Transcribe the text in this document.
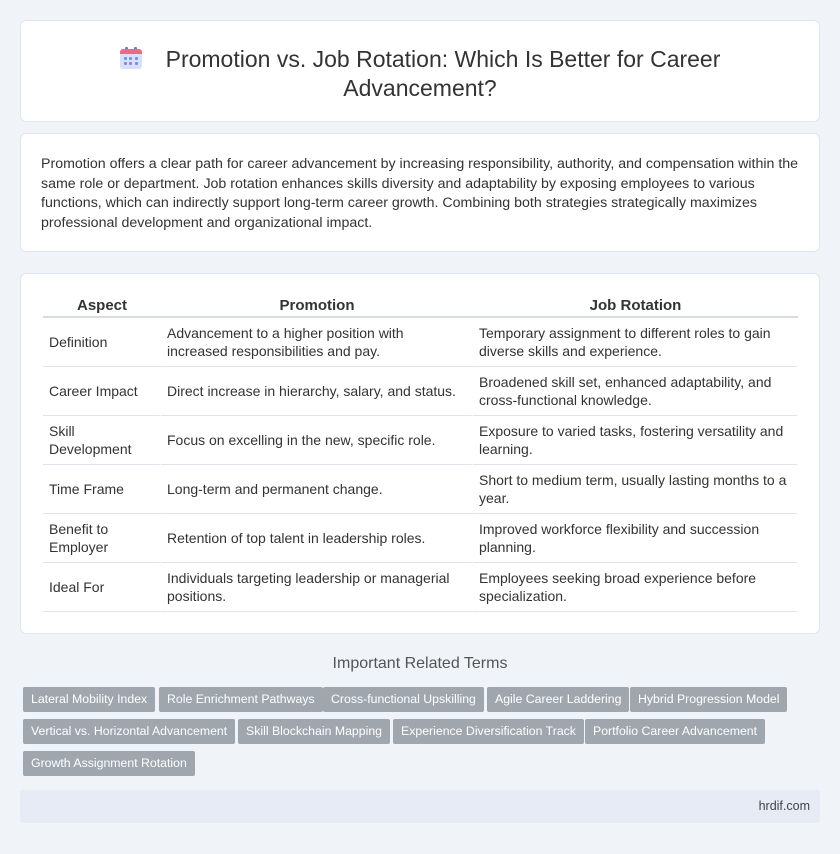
Promotion vs. Job Rotation: Which Is Better for Career Advancement?

Promotion offers a clear path for career advancement by increasing responsibility, authority, and compensation within the same role or department. Job rotation enhances skills diversity and adaptability by exposing employees to various functions, which can indirectly support long-term career growth. Combining both strategies strategically maximizes professional development and organizational impact.

Aspect	Promotion	Job Rotation
Definition	Advancement to a higher position with increased responsibilities and pay.	Temporary assignment to different roles to gain diverse skills and experience.
Career Impact	Direct increase in hierarchy, salary, and status.	Broadened skill set, enhanced adaptability, and cross-functional knowledge.
Skill Development	Focus on excelling in the new, specific role.	Exposure to varied tasks, fostering versatility and learning.
Time Frame	Long-term and permanent change.	Short to medium term, usually lasting months to a year.
Benefit to Employer	Retention of top talent in leadership roles.	Improved workforce flexibility and succession planning.
Ideal For	Individuals targeting leadership or managerial positions.	Employees seeking broad experience before specialization.
Important Related Terms
Lateral Mobility Index	Role Enrichment Pathways	Cross-functional Upskilling	Agile Career Laddering	Hybrid Progression Model
Vertical vs. Horizontal Advancement	Skill Blockchain Mapping	Experience Diversification Track	Portfolio Career Advancement
Growth Assignment Rotation
hrdif.com
